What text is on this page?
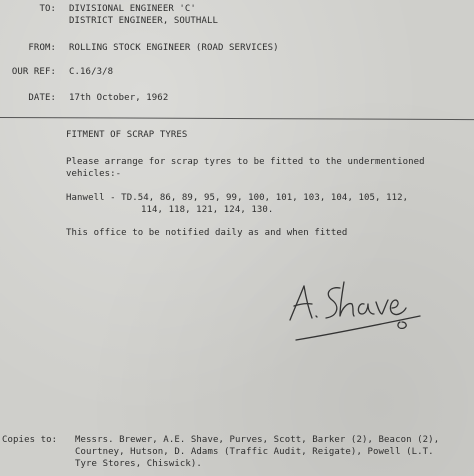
TO: DIVISIONAL ENGINEER 'C'
DISTRICT ENGINEER, SOUTHALL
FROM: ROLLING STOCK ENGINEER (ROAD SERVICES)
OUR REF: C.16/3/8
DATE: 17th October, 1962
FITMENT OF SCRAP TYRES
Please arrange for scrap tyres to be fitted to the undermentioned
vehicles:-
Hanwell - TD.54, 86, 89, 95, 99, 100, 101, 103, 104, 105, 112,
114, 118, 121, 124, 130.
This office to be notified daily as and when fitted
Copies to: Messrs. Brewer, A.E. Shave, Purves, Scott, Barker (2), Beacon (2),
Courtney, Hutson, D. Adams (Traffic Audit, Reigate), Powell (L.T.
Tyre Stores, Chiswick).
